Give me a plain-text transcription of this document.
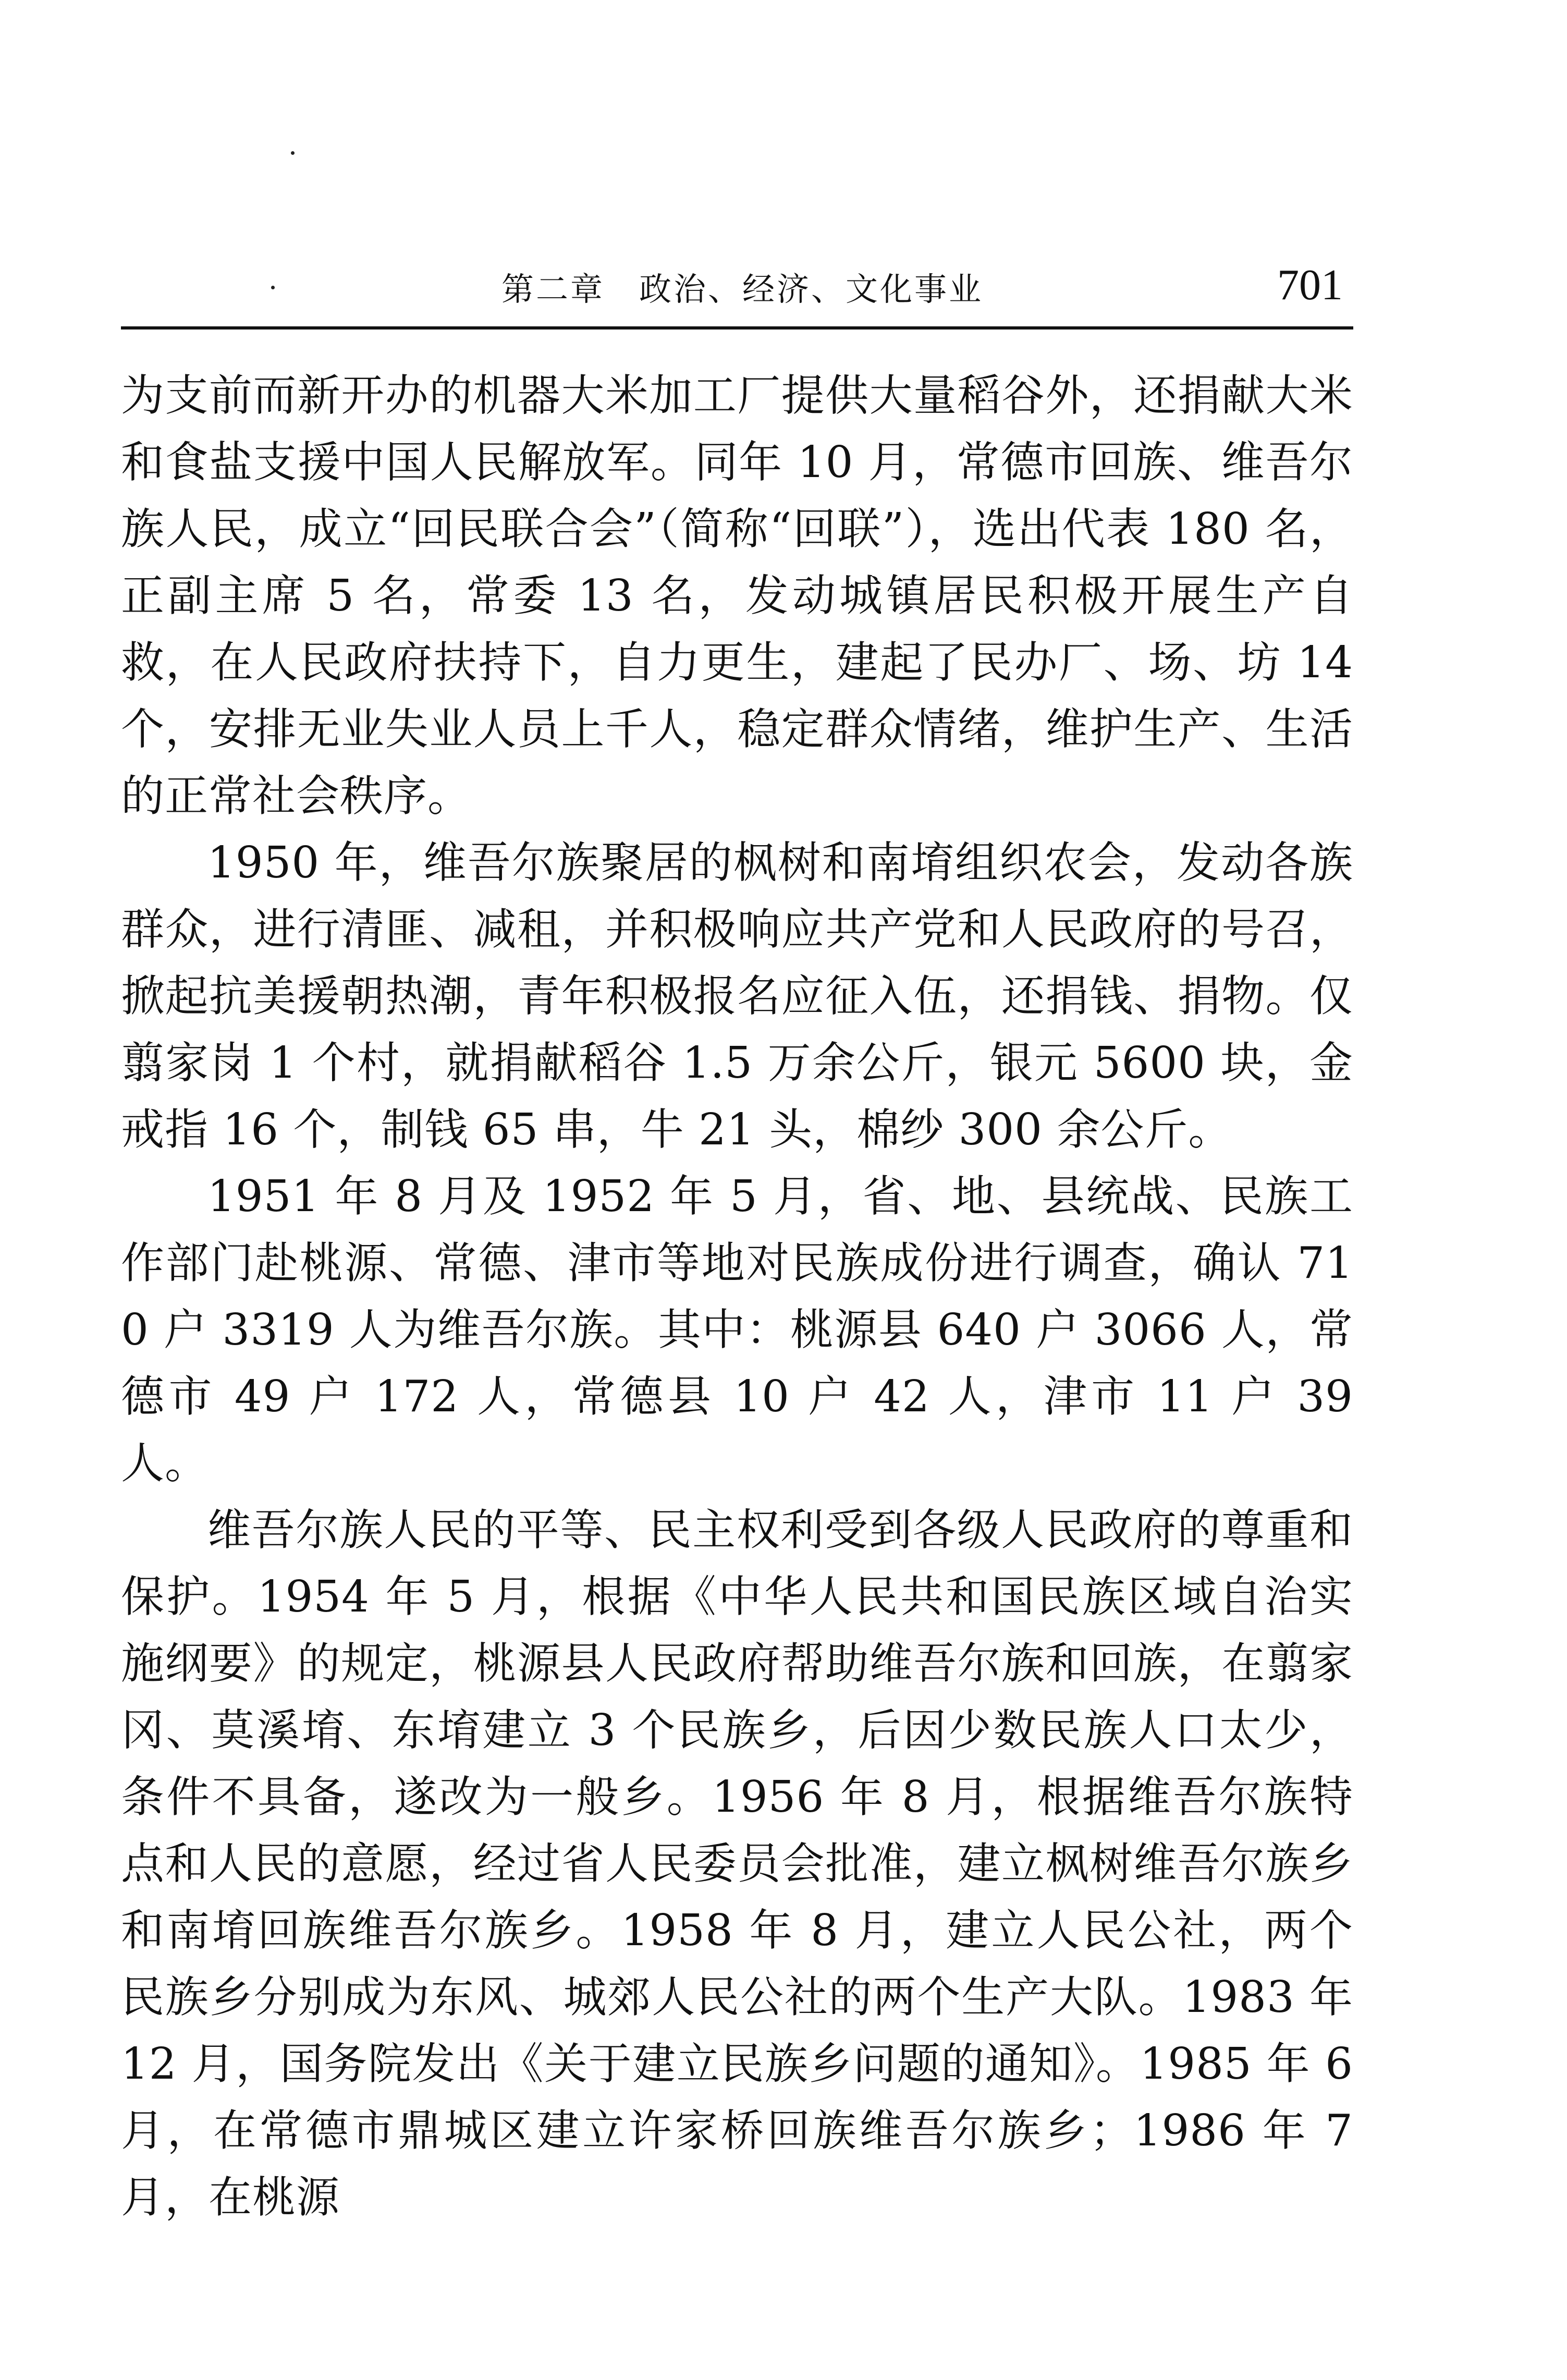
第二章　政治、经济、文化事业	701

为支前而新开办的机器大米加工厂提供大量稻谷外，还捐献大米和食盐支援中国人民解放军。同年 10 月，常德市回族、维吾尔族人民，成立“回民联合会”（简称“回联”），选出代表 180 名，正副主席 5 名，常委 13 名，发动城镇居民积极开展生产自救，在人民政府扶持下，自力更生，建起了民办厂、场、坊 14 个，安排无业失业人员上千人，稳定群众情绪，维护生产、生活的正常社会秩序。

1950 年，维吾尔族聚居的枫树和南堉组织农会，发动各族群众，进行清匪、减租，并积极响应共产党和人民政府的号召，掀起抗美援朝热潮，青年积极报名应征入伍，还捐钱、捐物。仅翦家岗 1 个村，就捐献稻谷 1.5 万余公斤，银元 5600 块，金戒指 16 个，制钱 65 串，牛 21 头，棉纱 300 余公斤。

1951 年 8 月及 1952 年 5 月，省、地、县统战、民族工作部门赴桃源、常德、津市等地对民族成份进行调查，确认 710 户 3319 人为维吾尔族。其中：桃源县 640 户 3066 人，常德市 49 户 172 人，常德县 10 户 42 人，津市 11 户 39 人。

维吾尔族人民的平等、民主权利受到各级人民政府的尊重和保护。1954 年 5 月，根据《中华人民共和国民族区域自治实施纲要》的规定，桃源县人民政府帮助维吾尔族和回族，在翦家冈、莫溪堉、东堉建立 3 个民族乡，后因少数民族人口太少，条件不具备，遂改为一般乡。1956 年 8 月，根据维吾尔族特点和人民的意愿，经过省人民委员会批准，建立枫树维吾尔族乡和南堉回族维吾尔族乡。1958 年 8 月，建立人民公社，两个民族乡分别成为东风、城郊人民公社的两个生产大队。1983 年 12 月，国务院发出《关于建立民族乡问题的通知》。1985 年 6 月，在常德市鼎城区建立许家桥回族维吾尔族乡；1986 年 7 月，在桃源
